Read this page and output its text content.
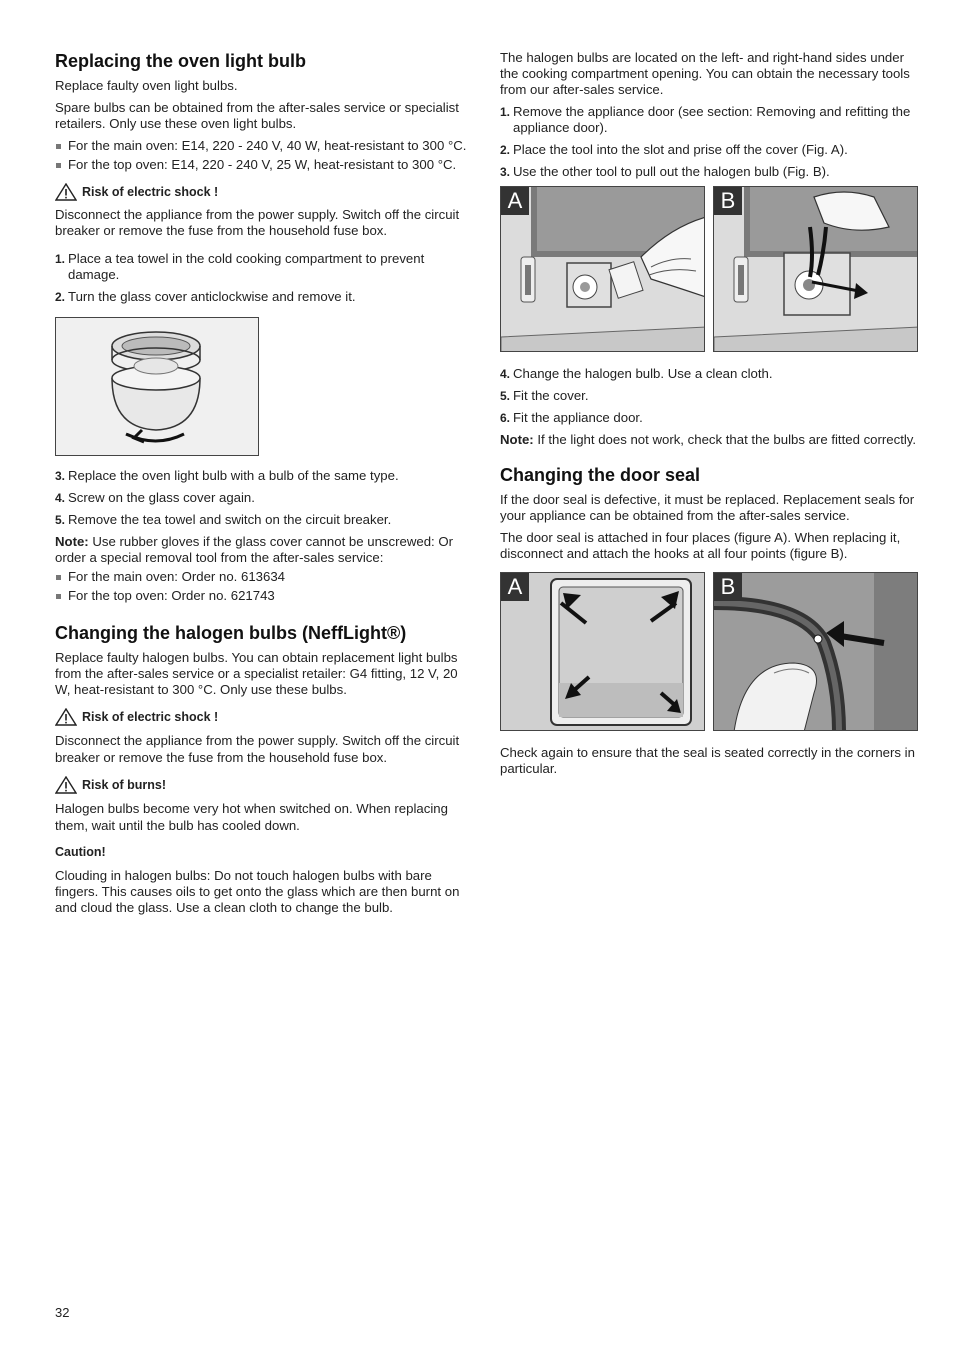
Replacing the oven light bulb

Replace faulty oven light bulbs.

Spare bulbs can be obtained from the after-sales service or specialist retailers. Only use these oven light bulbs.

For the main oven: E14, 220 - 240 V, 40 W, heat-resistant to 300 °C.
For the top oven: E14, 220 - 240 V, 25 W, heat-resistant to 300 °C.
Risk of electric shock !

Disconnect the appliance from the power supply. Switch off the circuit breaker or remove the fuse from the household fuse box.

1. Place a tea towel in the cold cooking compartment to prevent damage.
2. Turn the glass cover anticlockwise and remove it.
3. Replace the oven light bulb with a bulb of the same type.
4. Screw on the glass cover again.
5. Remove the tea towel and switch on the circuit breaker.

Note: Use rubber gloves if the glass cover cannot be unscrewed: Or order a special removal tool from the after-sales service:

For the main oven: Order no. 613634
For the top oven: Order no. 621743
Changing the halogen bulbs (NeffLight®)

Replace faulty halogen bulbs. You can obtain replacement light bulbs from the after-sales service or a specialist retailer: G4 fitting, 12 V, 20 W, heat-resistant to 300 °C. Only use these bulbs.

Risk of electric shock !

Disconnect the appliance from the power supply. Switch off the circuit breaker or remove the fuse from the household fuse box.

Risk of burns!

Halogen bulbs become very hot when switched on. When replacing them, wait until the bulb has cooled down.

Caution!

Clouding in halogen bulbs: Do not touch halogen bulbs with bare fingers. This causes oils to get onto the glass which are then burnt on and cloud the glass. Use a clean cloth to change the bulb.

The halogen bulbs are located on the left- and right-hand sides under the cooking compartment opening. You can obtain the necessary tools from our after-sales service.

1. Remove the appliance door (see section: Removing and refitting the appliance door).
2. Place the tool into the slot and prise off the cover (Fig. A).
3. Use the other tool to pull out the halogen bulb (Fig. B).
A	B
4. Change the halogen bulb. Use a clean cloth.
5. Fit the cover.
6. Fit the appliance door.

Note: If the light does not work, check that the bulbs are fitted correctly.

Changing the door seal

If the door seal is defective, it must be replaced. Replacement seals for your appliance can be obtained from the after-sales service.

The door seal is attached in four places (figure A). When replacing it, disconnect and attach the hooks at all four points (figure B).

A	B

Check again to ensure that the seal is seated correctly in the corners in particular.

32
